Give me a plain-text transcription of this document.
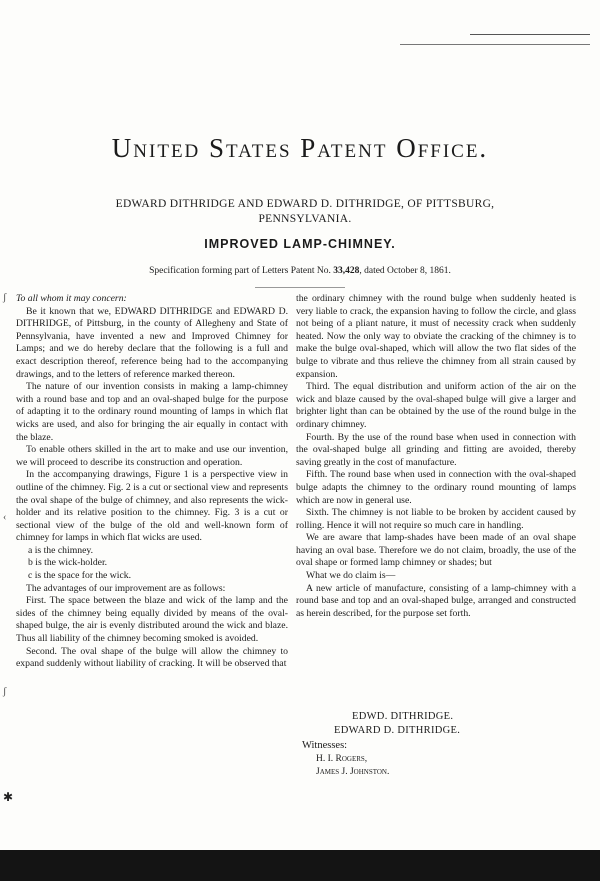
United States Patent Office.
EDWARD DITHRIDGE AND EDWARD D. DITHRIDGE, OF PITTSBURG, PENNSYLVANIA.
IMPROVED LAMP-CHIMNEY.
Specification forming part of Letters Patent No. 33,428, dated October 8, 1861.

To all whom it may concern:

Be it known that we, EDWARD DITHRIDGE and EDWARD D. DITHRIDGE, of Pittsburg, in the county of Allegheny and State of Pennsylvania, have invented a new and Improved Chimney for Lamps; and we do hereby declare that the following is a full and exact description thereof, reference being had to the accompanying drawings, and to the letters of reference marked thereon.

The nature of our invention consists in making a lamp-chimney with a round base and top and an oval-shaped bulge for the purpose of adapting it to the ordinary round mounting of lamps in which flat wicks are used, and also for bringing the air equally in contact with the blaze.

To enable others skilled in the art to make and use our invention, we will proceed to describe its construction and operation.

In the accompanying drawings, Figure 1 is a perspective view in outline of the chimney. Fig. 2 is a cut or sectional view and represents the oval shape of the bulge of chimney, and also represents the wick-holder and its relative position to the chimney. Fig. 3 is a cut or sectional view of the bulge of the old and well-known form of chimney for lamps in which flat wicks are used.

a is the chimney.

b is the wick-holder.

c is the space for the wick.

The advantages of our improvement are as follows:

First. The space between the blaze and wick of the lamp and the sides of the chimney being equally divided by means of the oval-shaped bulge, the air is evenly distributed around the wick and blaze. Thus all liability of the chimney becoming smoked is avoided.

Second. The oval shape of the bulge will allow the chimney to expand suddenly without liability of cracking. It will be observed that

the ordinary chimney with the round bulge when suddenly heated is very liable to crack, the expansion having to follow the circle, and glass not being of a pliant nature, it must of necessity crack when suddenly heated. Now the only way to obviate the cracking of the chimney is to make the bulge oval-shaped, which will allow the two flat sides of the bulge to vibrate and thus relieve the chimney from all strain caused by expansion.

Third. The equal distribution and uniform action of the air on the wick and blaze caused by the oval-shaped bulge will give a larger and brighter light than can be obtained by the use of the round bulge in the ordinary chimney.

Fourth. By the use of the round base when used in connection with the oval-shaped bulge all grinding and fitting are avoided, thereby saving greatly in the cost of manufacture.

Fifth. The round base when used in connection with the oval-shaped bulge adapts the chimney to the ordinary round mounting of lamps which are now in general use.

Sixth. The chimney is not liable to be broken by accident caused by rolling. Hence it will not require so much care in handling.

We are aware that lamp-shades have been made of an oval shape having an oval base. Therefore we do not claim, broadly, the use of the oval shape or formed lamp chimney or shades; but

What we do claim is—

A new article of manufacture, consisting of a lamp-chimney with a round base and top and an oval-shaped bulge, arranged and constructed as herein described, for the purpose set forth.

EDWD. DITHRIDGE.
EDWARD D. DITHRIDGE.
Witnesses:
H. I. Rogers,
James J. Johnston.
ʃ
‹
ʃ
✱
